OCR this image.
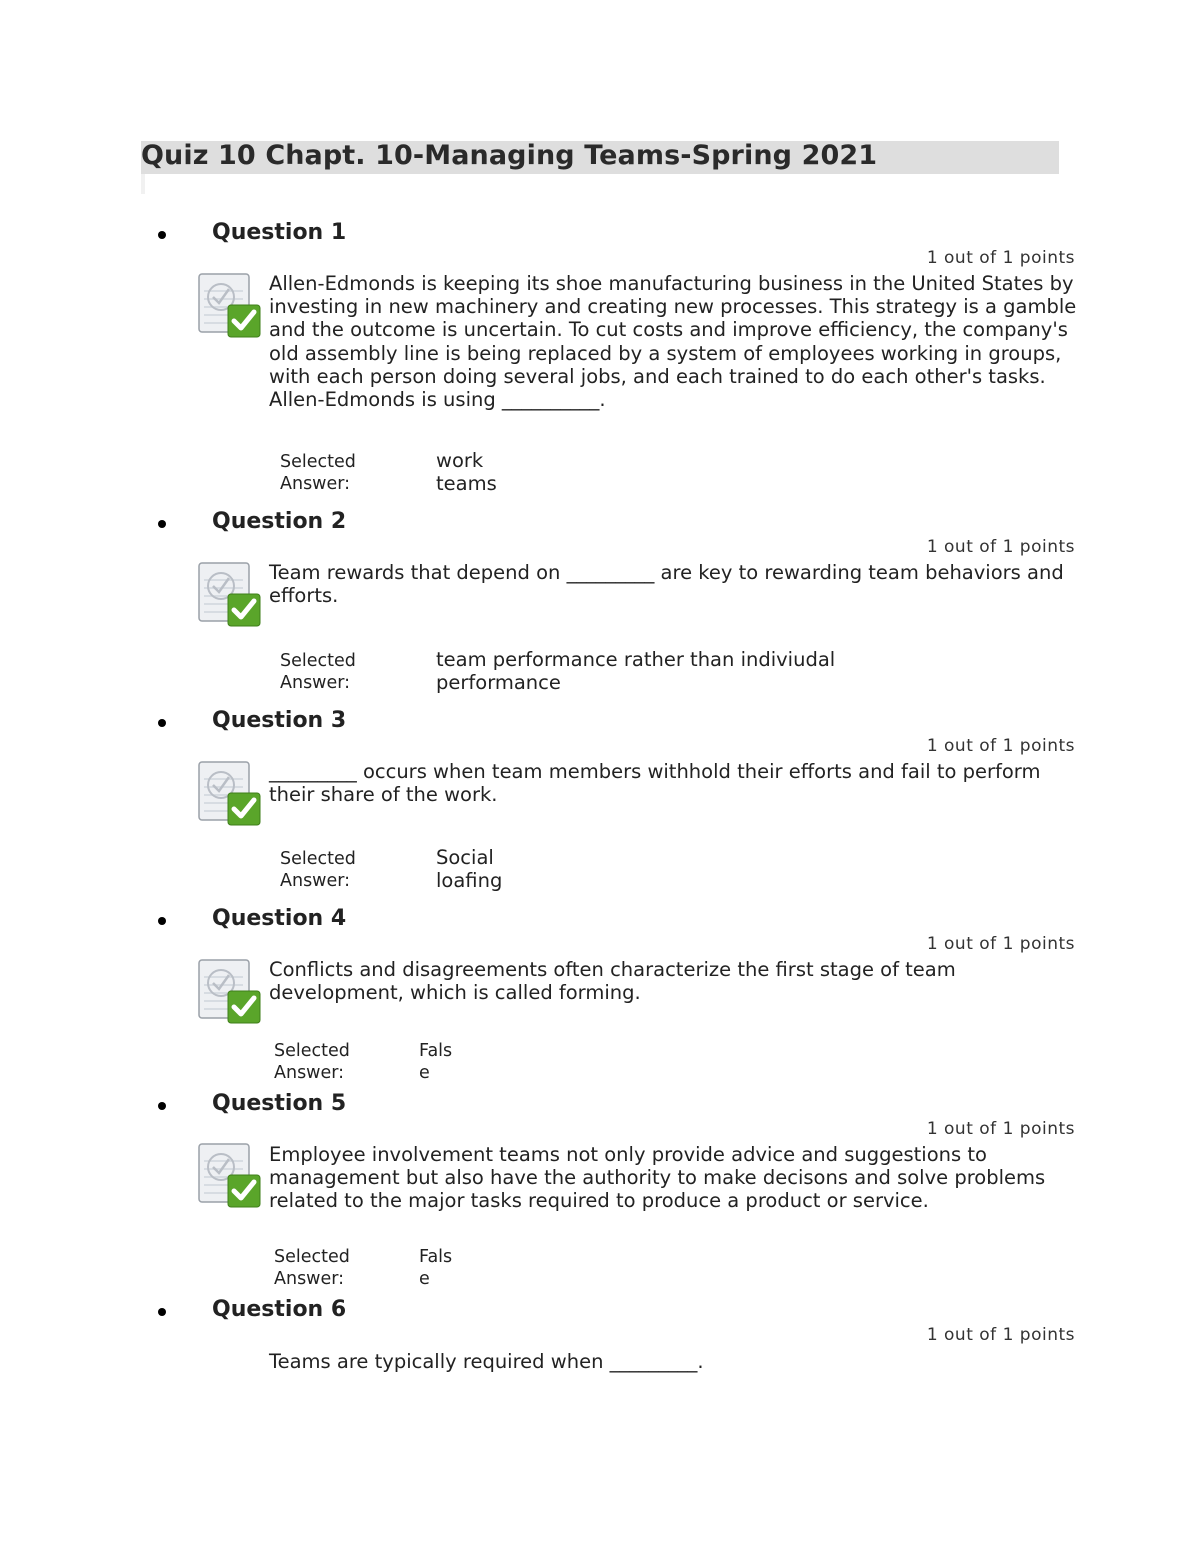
Quiz 10 Chapt. 10-Managing Teams-Spring 2021
Question 1
1 out of 1 points
Allen-Edmonds is keeping its shoe manufacturing business in the United States by investing in new machinery and creating new processes. This strategy is a gamble and the outcome is uncertain. To cut costs and improve efficiency, the company's old assembly line is being replaced by a system of employees working in groups, with each person doing several jobs, and each trained to do each other's tasks. Allen-Edmonds is using __________.
Selected
Answer:
work
teams
Question 2
1 out of 1 points
Team rewards that depend on _________ are key to rewarding team behaviors and efforts.
Selected
Answer:
team performance rather than indiviudal
performance
Question 3
1 out of 1 points
_________ occurs when team members withhold their efforts and fail to perform their share of the work.
Selected
Answer:
Social
loafing
Question 4
1 out of 1 points
Conflicts and disagreements often characterize the first stage of team development, which is called forming.
Selected
Answer:
Fals
e
Question 5
1 out of 1 points
Employee involvement teams not only provide advice and suggestions to management but also have the authority to make decisons and solve problems related to the major tasks required to produce a product or service.
Selected
Answer:
Fals
e
Question 6
1 out of 1 points
Teams are typically required when _________.
